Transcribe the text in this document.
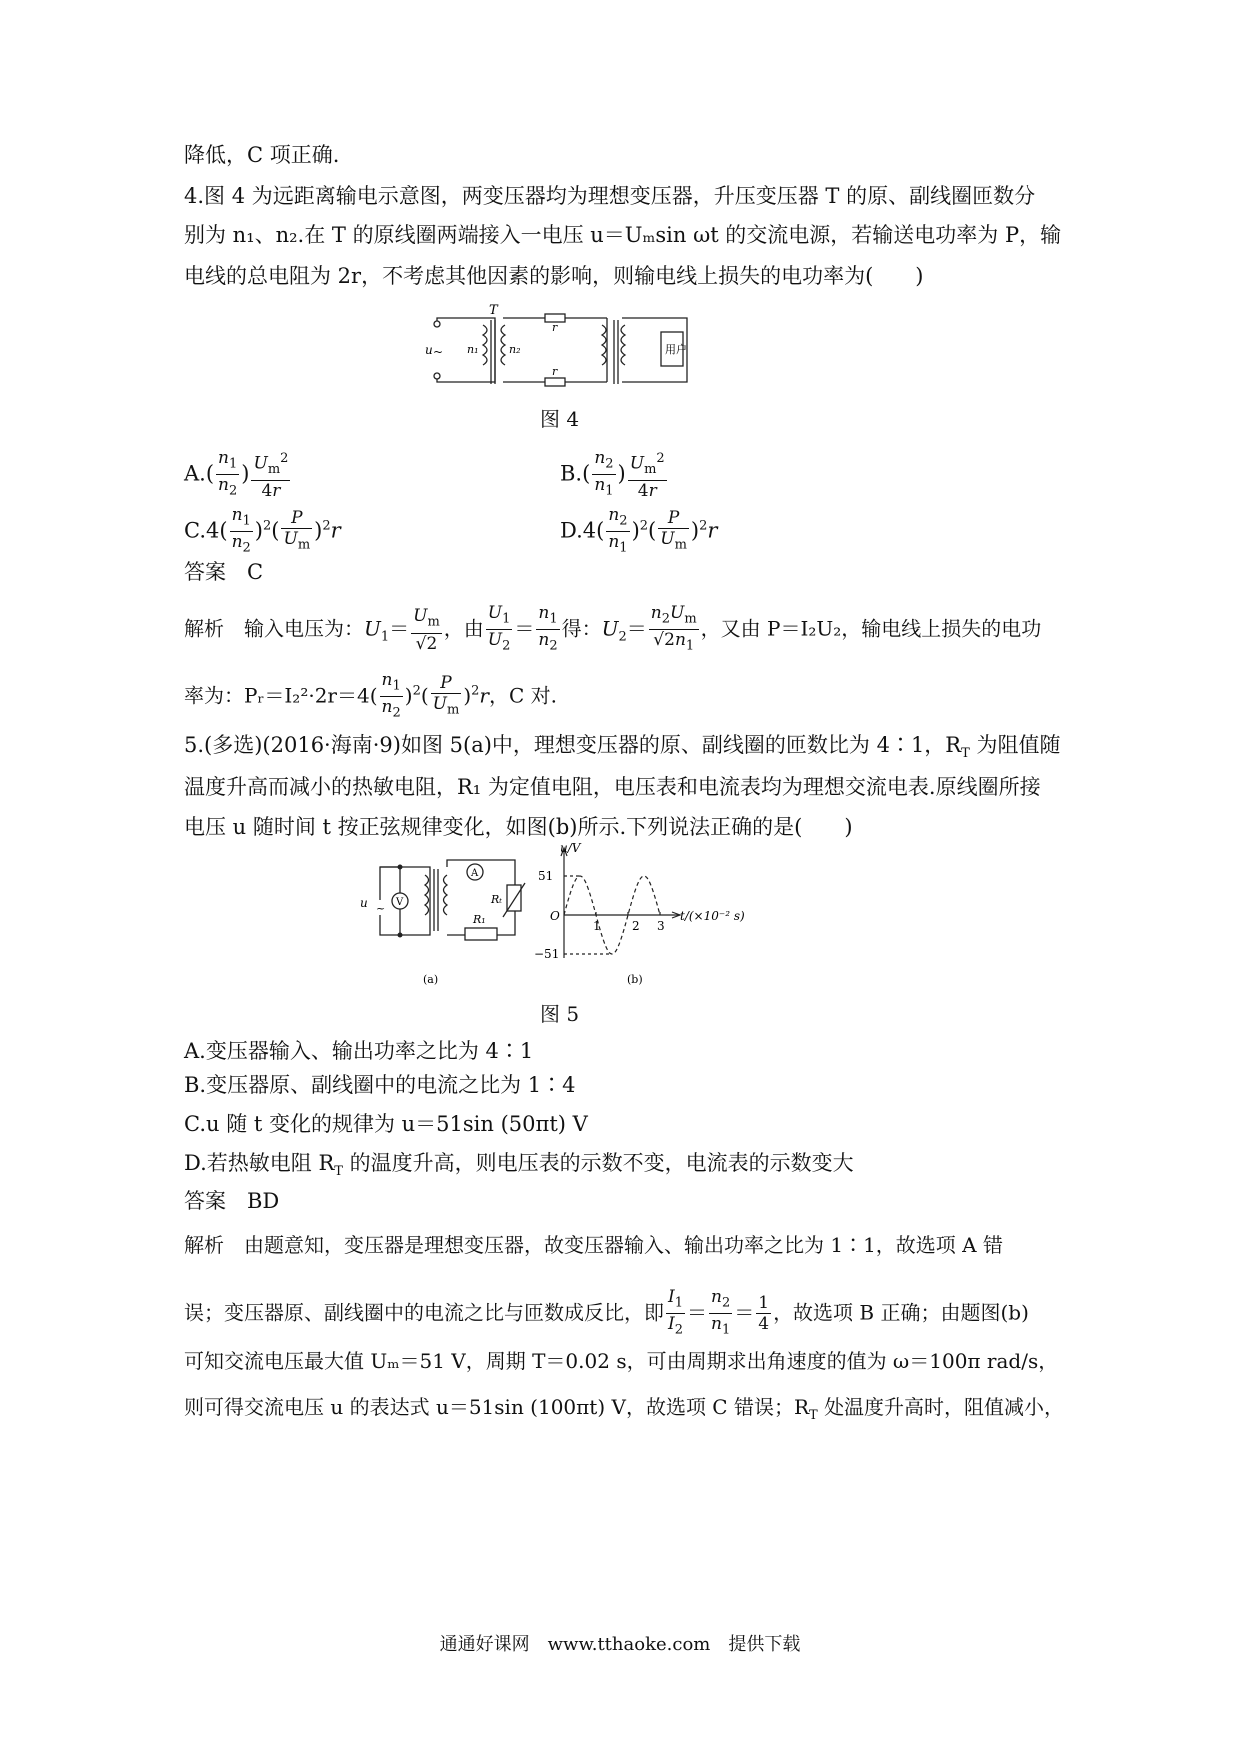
降低，C 项正确.
4.图 4 为远距离输电示意图，两变压器均为理想变压器，升压变压器 T 的原、副线圈匝数分
别为 n₁、n₂.在 T 的原线圈两端接入一电压 u＝Uₘsin ωt 的交流电源，若输送电功率为 P，输
电线的总电阻为 2r，不考虑其他因素的影响，则输电线上损失的电功率为(　　)
u ~
T
n₁	n₂
r
r
用户
图 4
$A.( \frac{n_1}{n_2}$ ) $\frac{U_m^2}{4r}$	$B.( \frac{n_2}{n_1}$ ) $\frac{U_m^2}{4r}$
$C.4( \frac{n_1}{n_2} )^2( \frac{P}{U_m} )^2r$	$D.4( \frac{n_2}{n_1} )^2( \frac{P}{U_m} )^2r$
答案　C
解析　 输入电压为：$U_1= \frac{U_m}{√2}$ ，由 $\frac{U_1}{U_2} = \frac{n_1}{n_2}$ 得：$U_2= \frac{n_2U_m}{√2n_1}$ ，又由 P＝I₂U₂，输电线上损失的电功
率为：Pᵣ＝I₂²·2r＝4( $\frac{n_1}{n_2} )^2( \frac{P}{U_m} )^2r$，C 对.
5.(多选)(2016·海南·9)如图 5(a)中，理想变压器的原、副线圈的匝数比为 4∶1，$R_T$ 为阻值随
温度升高而减小的热敏电阻，R₁ 为定值电阻，电压表和电流表均为理想交流电表.原线圈所接
电压 u 随时间 t 按正弦规律变化，如图(b)所示.下列说法正确的是(　　)
u ~ V
A
Rₜ
R₁
(a)
u/V
51
−51
O
1	2 3
t/(×10⁻² s)
(b)
图 5
A.变压器输入、输出功率之比为 4∶1
B.变压器原、副线圈中的电流之比为 1∶4
C.u 随 t 变化的规律为 u＝51sin (50πt) V
D.若热敏电阻 $R_T$ 的温度升高，则电压表的示数不变，电流表的示数变大
答案　BD
解析　 由题意知，变压器是理想变压器，故变压器输入、输出功率之比为 1∶1，故选项 A 错
误；变压器原、副线圈中的电流之比与匝数成反比，即 $\frac{I_1}{I_2} = \frac{n_2}{n_1} = \frac{1}{4}$ ，故选项 B 正确；由题图(b)
可知交流电压最大值 Uₘ＝51 V，周期 T＝0.02 s，可由周期求出角速度的值为 ω＝100π rad/s，
则可得交流电压 u 的表达式 u＝51sin (100πt) V，故选项 C 错误；$R_T$ 处温度升高时，阻值减小，
通通好课网　www.tthaoke.com　提供下载
